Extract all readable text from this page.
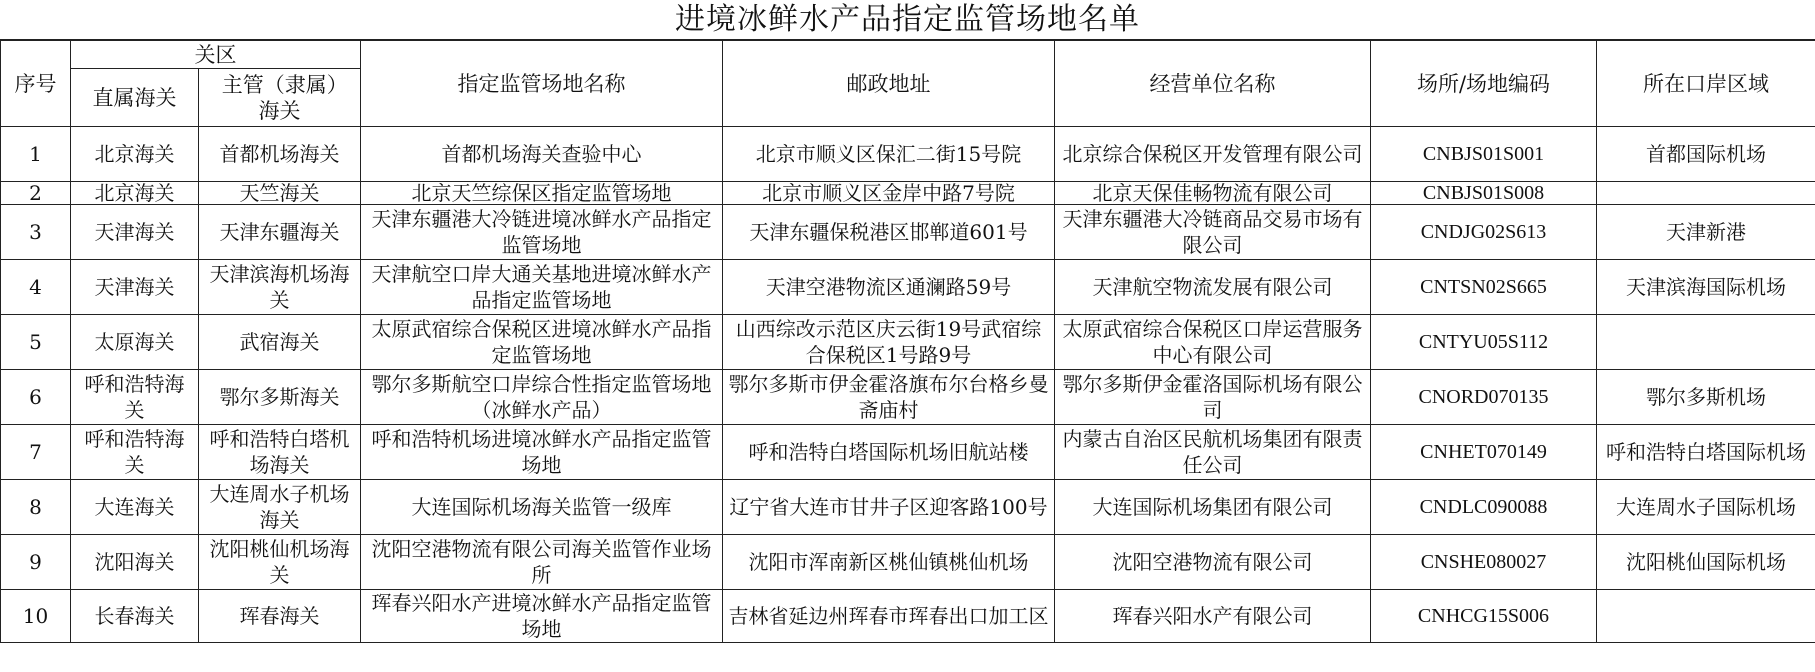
进境冰鲜水产品指定监管场地名单
序号	关区		指定监管场地名称	邮政地址	经营单位名称	场所/场地编码	所在口岸区域
	直属海关	主管（隶属）海关					
1	北京海关	首都机场海关	首都机场海关查验中心	北京市顺义区保汇二街15号院	北京综合保税区开发管理有限公司	CNBJS01S001	首都国际机场
2	北京海关	天竺海关	北京天竺综保区指定监管场地	北京市顺义区金岸中路7号院	北京天保佳畅物流有限公司	CNBJS01S008	
3	天津海关	天津东疆海关	天津东疆港大冷链进境冰鲜水产品指定监管场地	天津东疆保税港区邯郸道601号	天津东疆港大冷链商品交易市场有限公司	CNDJG02S613	天津新港
4	天津海关	天津滨海机场海关	天津航空口岸大通关基地进境冰鲜水产品指定监管场地	天津空港物流区通澜路59号	天津航空物流发展有限公司	CNTSN02S665	天津滨海国际机场
5	太原海关	武宿海关	太原武宿综合保税区进境冰鲜水产品指定监管场地	山西综改示范区庆云街19号武宿综合保税区1号路9号	太原武宿综合保税区口岸运营服务中心有限公司	CNTYU05S112	
6	呼和浩特海关	鄂尔多斯海关	鄂尔多斯航空口岸综合性指定监管场地（冰鲜水产品）	鄂尔多斯市伊金霍洛旗布尔台格乡曼斋庙村	鄂尔多斯伊金霍洛国际机场有限公司	CNORD070135	鄂尔多斯机场
7	呼和浩特海关	呼和浩特白塔机场海关	呼和浩特机场进境冰鲜水产品指定监管场地	呼和浩特白塔国际机场旧航站楼	内蒙古自治区民航机场集团有限责任公司	CNHET070149	呼和浩特白塔国际机场
8	大连海关	大连周水子机场海关	大连国际机场海关监管一级库	辽宁省大连市甘井子区迎客路100号	大连国际机场集团有限公司	CNDLC090088	大连周水子国际机场
9	沈阳海关	沈阳桃仙机场海关	沈阳空港物流有限公司海关监管作业场所	沈阳市浑南新区桃仙镇桃仙机场	沈阳空港物流有限公司	CNSHE080027	沈阳桃仙国际机场
10	长春海关	珲春海关	珲春兴阳水产进境冰鲜水产品指定监管场地	吉林省延边州珲春市珲春出口加工区	珲春兴阳水产有限公司	CNHCG15S006	
